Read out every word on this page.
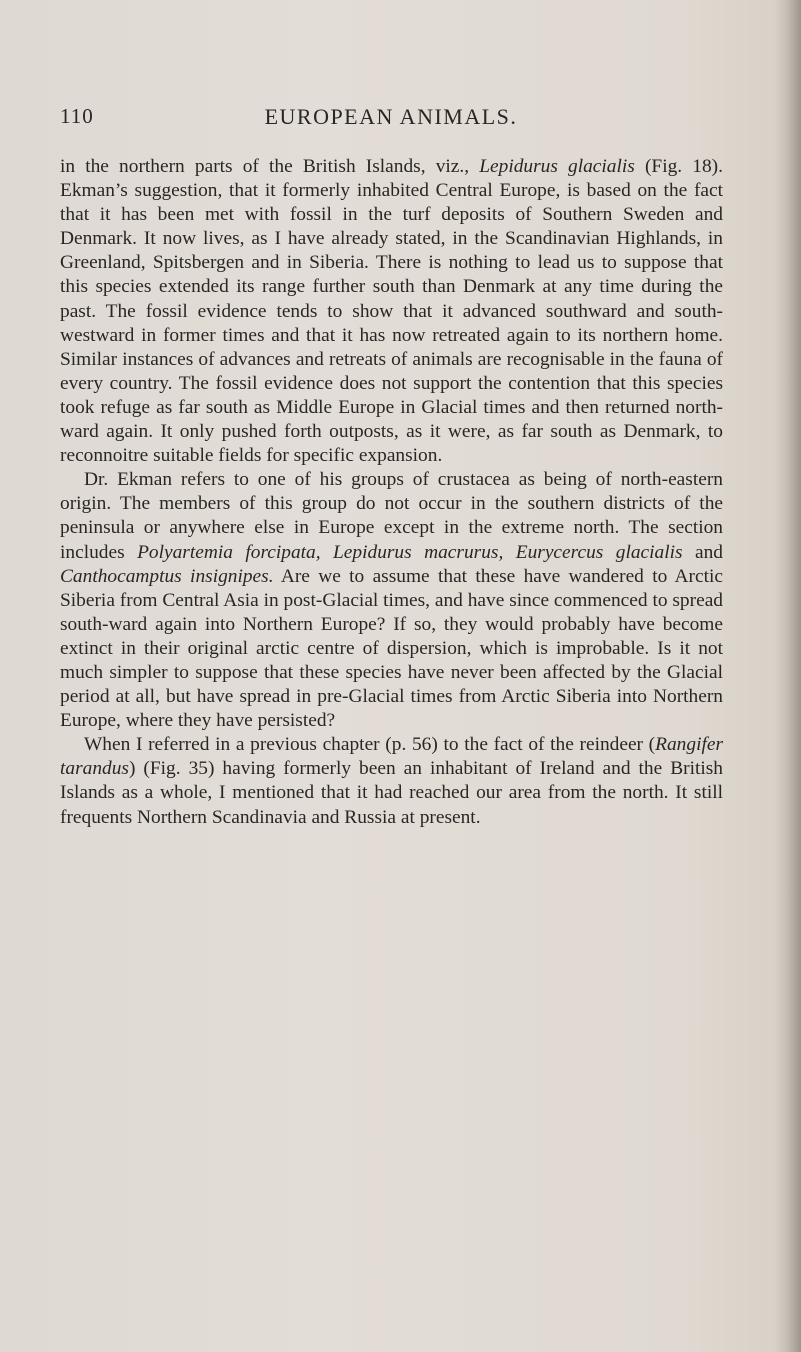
110	EUROPEAN ANIMALS.

in the northern parts of the British Islands, viz., Lepidurus glacialis (Fig. 18). Ekman’s suggestion, that it formerly inhabited Central Europe, is based on the fact that it has been met with fossil in the turf deposits of Southern Sweden and Denmark. It now lives, as I have already stated, in the Scandinavian Highlands, in Greenland, Spitsbergen and in Siberia. There is nothing to lead us to suppose that this species extended its range further south than Denmark at any time during the past. The fossil evidence tends to show that it advanced southward and south-westward in former times and that it has now retreated again to its northern home. Similar instances of advances and retreats of animals are recognisable in the fauna of every country. The fossil evidence does not support the contention that this species took refuge as far south as Middle Europe in Glacial times and then returned north-ward again. It only pushed forth outposts, as it were, as far south as Denmark, to reconnoitre suitable fields for specific expansion.

Dr. Ekman refers to one of his groups of crustacea as being of north-eastern origin. The members of this group do not occur in the southern districts of the peninsula or anywhere else in Europe except in the extreme north. The section includes Polyartemia forcipata, Lepidurus macrurus, Eurycercus glacialis and Canthocamptus insignipes. Are we to assume that these have wandered to Arctic Siberia from Central Asia in post-Glacial times, and have since commenced to spread south-ward again into Northern Europe? If so, they would probably have become extinct in their original arctic centre of dispersion, which is improbable. Is it not much simpler to suppose that these species have never been affected by the Glacial period at all, but have spread in pre-Glacial times from Arctic Siberia into Northern Europe, where they have persisted?

When I referred in a previous chapter (p. 56) to the fact of the reindeer (Rangifer tarandus) (Fig. 35) having formerly been an inhabitant of Ireland and the British Islands as a whole, I mentioned that it had reached our area from the north. It still frequents Northern Scandinavia and Russia at present.
